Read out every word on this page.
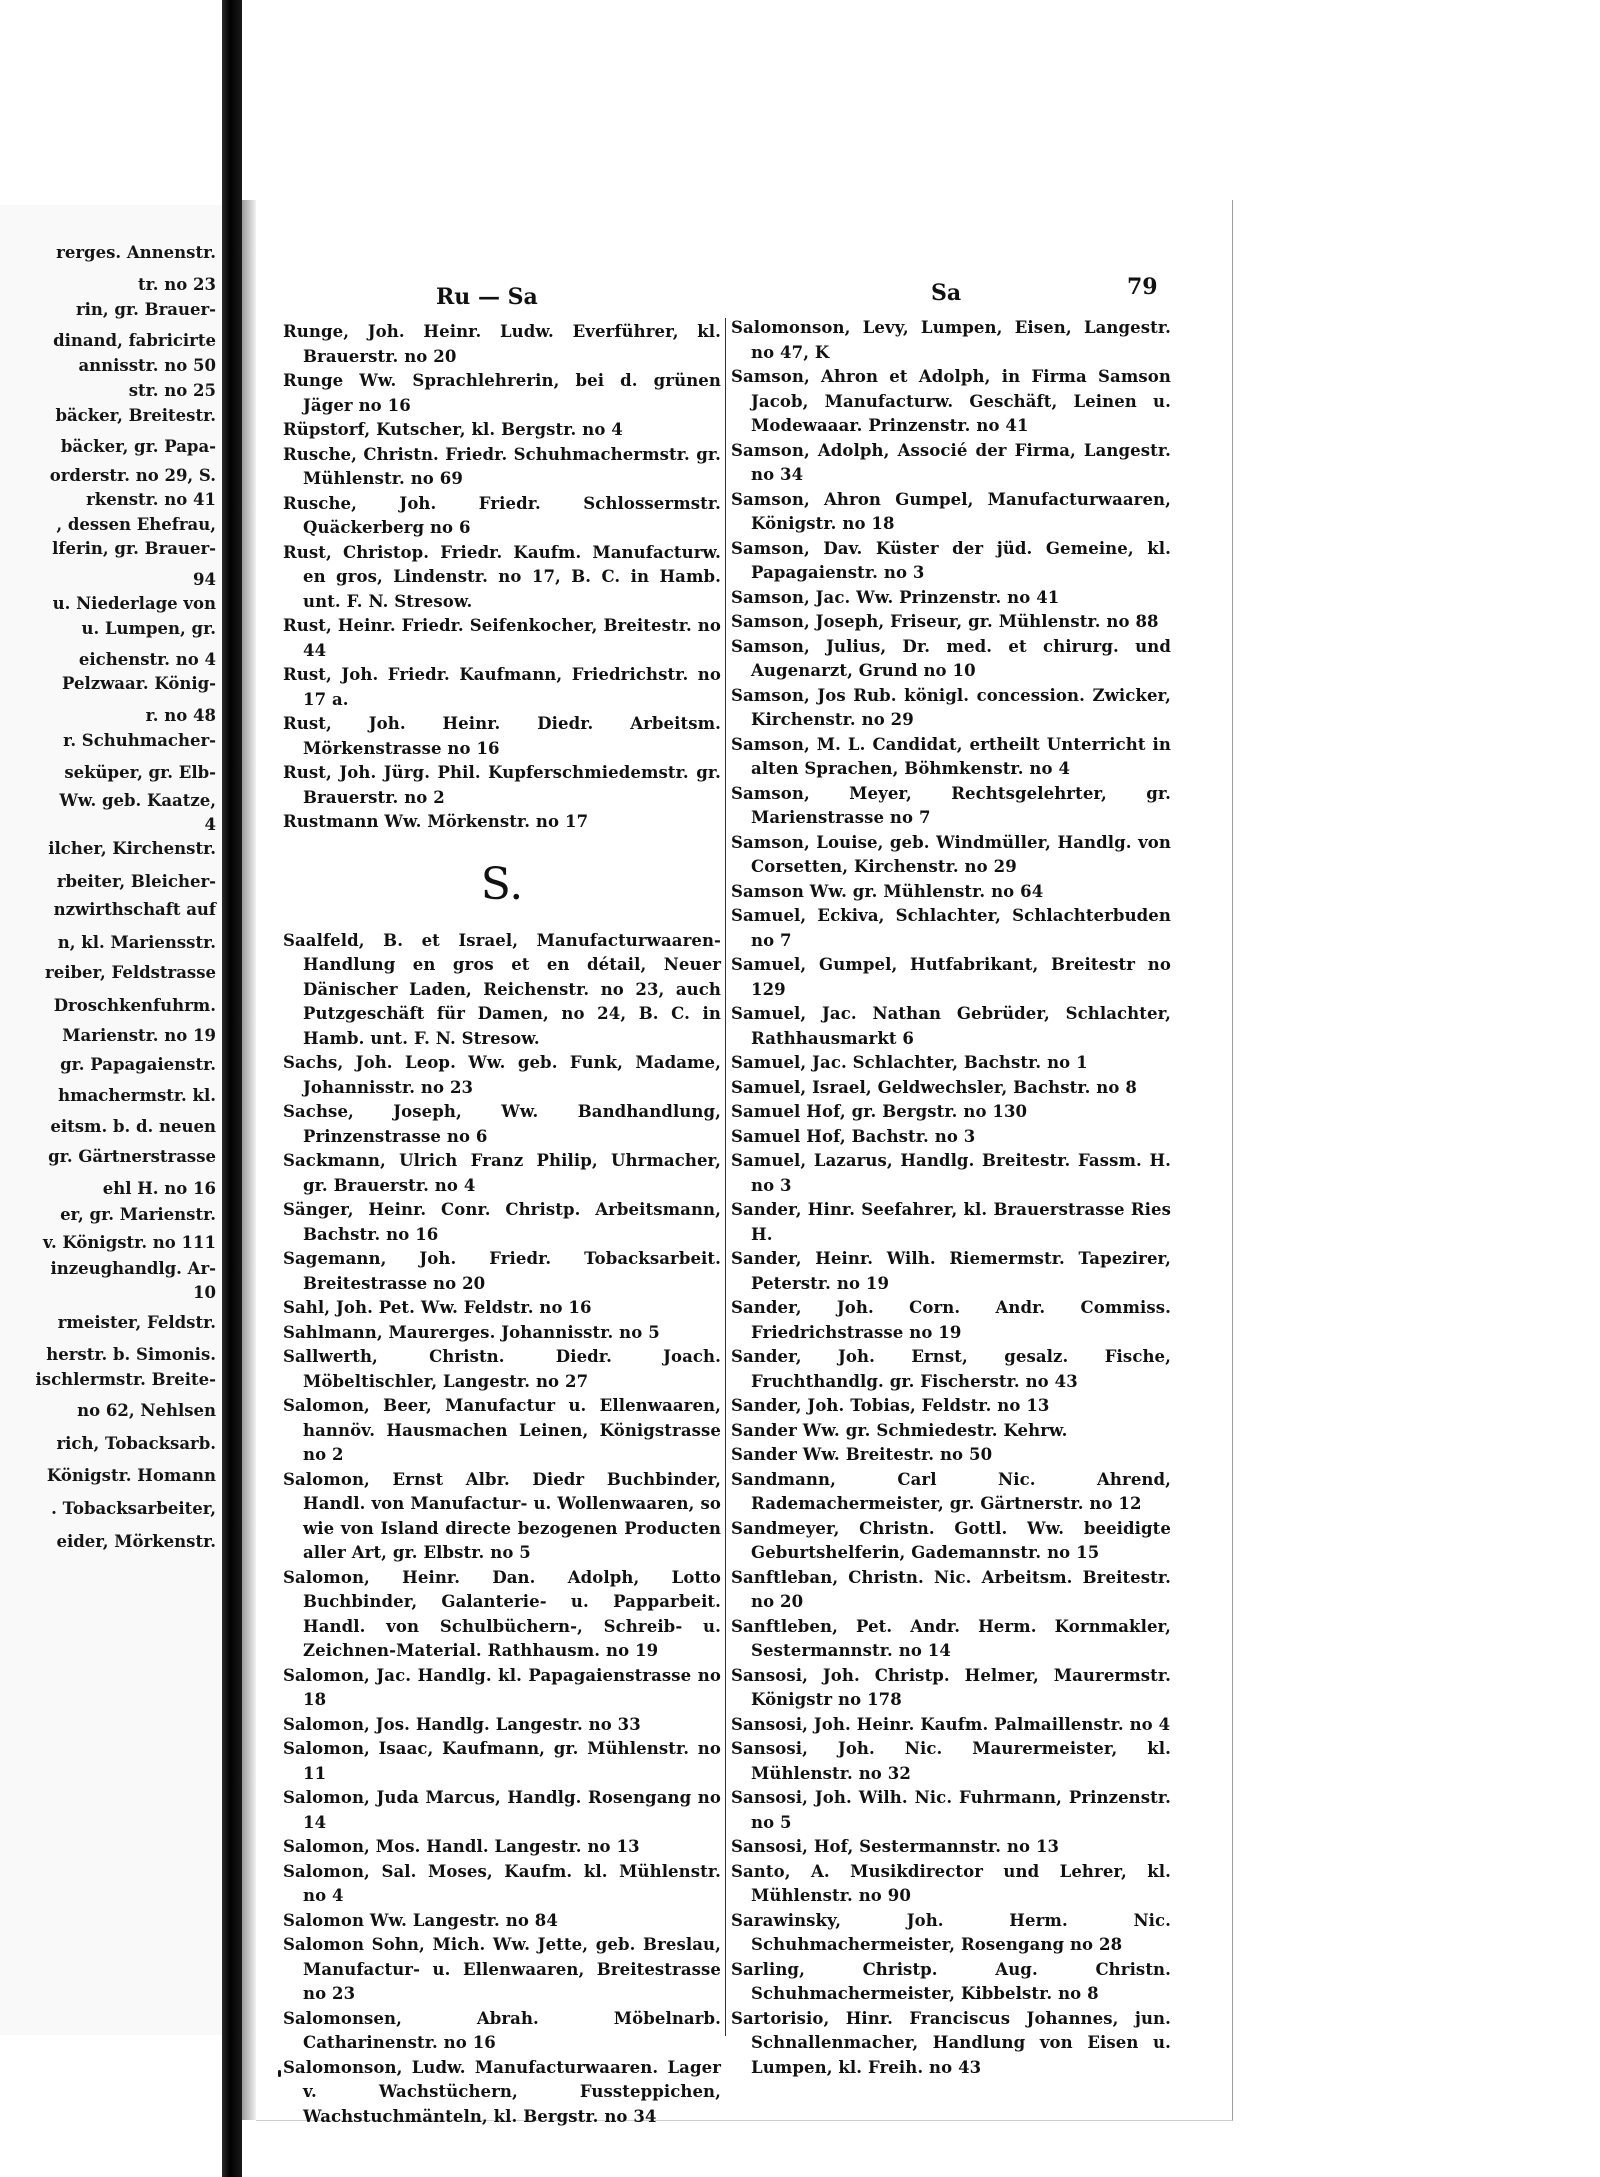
rerges. Annenstr.
tr. no 23
rin, gr. Brauer-
dinand, fabricirte
annisstr. no 50
str. no 25
bäcker, Breitestr.
bäcker, gr. Papa-
orderstr. no 29, S.
rkenstr. no 41
, dessen Ehefrau,
lferin, gr. Brauer-
94
u. Niederlage von
u. Lumpen, gr.
eichenstr. no 4
Pelzwaar. König-
r. no 48
r. Schuhmacher-
seküper, gr. Elb-
Ww. geb. Kaatze,
4
ilcher, Kirchenstr.
rbeiter, Bleicher-
nzwirthschaft auf
n, kl. Mariensstr.
reiber, Feldstrasse
Droschkenfuhrm.
Marienstr. no 19
gr. Papagaienstr.
hmachermstr. kl.
eitsm. b. d. neuen
gr. Gärtnerstrasse
ehl H. no 16
er, gr. Marienstr.
v. Königstr. no 111
inzeughandlg. Ar-
10
rmeister, Feldstr.
herstr. b. Simonis.
ischlermstr. Breite-
no 62, Nehlsen
rich, Tobacksarb.
Königstr. Homann
. Tobacksarbeiter,
eider, Mörkenstr.
Ru — Sa	Sa	79
Runge, Joh. Heinr. Ludw. Everführer, kl. Brauerstr. no 20
Runge Ww. Sprachlehrerin, bei d. grünen Jäger no 16
Rüpstorf, Kutscher, kl. Bergstr. no 4
Rusche, Christn. Friedr. Schuhmachermstr. gr. Mühlenstr. no 69
Rusche, Joh. Friedr. Schlossermstr. Quäckerberg no 6
Rust, Christop. Friedr. Kaufm. Manufacturw. en gros, Lindenstr. no 17, B. C. in Hamb. unt. F. N. Stresow.
Rust, Heinr. Friedr. Seifenkocher, Breitestr. no 44
Rust, Joh. Friedr. Kaufmann, Friedrichstr. no 17 a.
Rust, Joh. Heinr. Diedr. Arbeitsm. Mörkenstrasse no 16
Rust, Joh. Jürg. Phil. Kupferschmiedemstr. gr. Brauerstr. no 2
Rustmann Ww. Mörkenstr. no 17
S.
Saalfeld, B. et Israel, Manufacturwaaren-Handlung en gros et en détail, Neuer Dänischer Laden, Reichenstr. no 23, auch Putzgeschäft für Damen, no 24, B. C. in Hamb. unt. F. N. Stresow.
Sachs, Joh. Leop. Ww. geb. Funk, Madame, Johannisstr. no 23
Sachse, Joseph, Ww. Bandhandlung, Prinzenstrasse no 6
Sackmann, Ulrich Franz Philip, Uhrmacher, gr. Brauerstr. no 4
Sänger, Heinr. Conr. Christp. Arbeitsmann, Bachstr. no 16
Sagemann, Joh. Friedr. Tobacksarbeit. Breitestrasse no 20
Sahl, Joh. Pet. Ww. Feldstr. no 16
Sahlmann, Maurerges. Johannisstr. no 5
Sallwerth, Christn. Diedr. Joach. Möbeltischler, Langestr. no 27
Salomon, Beer, Manufactur u. Ellenwaaren, hannöv. Hausmachen Leinen, Königstrasse no 2
Salomon, Ernst Albr. Diedr Buchbinder, Handl. von Manufactur- u. Wollenwaaren, so wie von Island directe bezogenen Producten aller Art, gr. Elbstr. no 5
Salomon, Heinr. Dan. Adolph, Lotto Buchbinder, Galanterie- u. Papparbeit. Handl. von Schulbüchern-, Schreib- u. Zeichnen-Material. Rathhausm. no 19
Salomon, Jac. Handlg. kl. Papagaienstrasse no 18
Salomon, Jos. Handlg. Langestr. no 33
Salomon, Isaac, Kaufmann, gr. Mühlenstr. no 11
Salomon, Juda Marcus, Handlg. Rosengang no 14
Salomon, Mos. Handl. Langestr. no 13
Salomon, Sal. Moses, Kaufm. kl. Mühlenstr. no 4
Salomon Ww. Langestr. no 84
Salomon Sohn, Mich. Ww. Jette, geb. Breslau, Manufactur- u. Ellenwaaren, Breitestrasse no 23
Salomonsen, Abrah. Möbelnarb. Catharinenstr. no 16
Salomonson, Ludw. Manufacturwaaren. Lager v. Wachstüchern, Fussteppichen, Wachstuchmänteln, kl. Bergstr. no 34
Salomonson, Levy, Lumpen, Eisen, Langestr. no 47, K
Samson, Ahron et Adolph, in Firma Samson Jacob, Manufacturw. Geschäft, Leinen u. Modewaaar. Prinzenstr. no 41
Samson, Adolph, Associé der Firma, Langestr. no 34
Samson, Ahron Gumpel, Manufacturwaaren, Königstr. no 18
Samson, Dav. Küster der jüd. Gemeine, kl. Papagaienstr. no 3
Samson, Jac. Ww. Prinzenstr. no 41
Samson, Joseph, Friseur, gr. Mühlenstr. no 88
Samson, Julius, Dr. med. et chirurg. und Augenarzt, Grund no 10
Samson, Jos Rub. königl. concession. Zwicker, Kirchenstr. no 29
Samson, M. L. Candidat, ertheilt Unterricht in alten Sprachen, Böhmkenstr. no 4
Samson, Meyer, Rechtsgelehrter, gr. Marienstrasse no 7
Samson, Louise, geb. Windmüller, Handlg. von Corsetten, Kirchenstr. no 29
Samson Ww. gr. Mühlenstr. no 64
Samuel, Eckiva, Schlachter, Schlachterbuden no 7
Samuel, Gumpel, Hutfabrikant, Breitestr no 129
Samuel, Jac. Nathan Gebrüder, Schlachter, Rathhausmarkt 6
Samuel, Jac. Schlachter, Bachstr. no 1
Samuel, Israel, Geldwechsler, Bachstr. no 8
Samuel Hof, gr. Bergstr. no 130
Samuel Hof, Bachstr. no 3
Samuel, Lazarus, Handlg. Breitestr. Fassm. H. no 3
Sander, Hinr. Seefahrer, kl. Brauerstrasse Ries H.
Sander, Heinr. Wilh. Riemermstr. Tapezirer, Peterstr. no 19
Sander, Joh. Corn. Andr. Commiss. Friedrichstrasse no 19
Sander, Joh. Ernst, gesalz. Fische, Fruchthandlg. gr. Fischerstr. no 43
Sander, Joh. Tobias, Feldstr. no 13
Sander Ww. gr. Schmiedestr. Kehrw.
Sander Ww. Breitestr. no 50
Sandmann, Carl Nic. Ahrend, Rademachermeister, gr. Gärtnerstr. no 12
Sandmeyer, Christn. Gottl. Ww. beeidigte Geburtshelferin, Gademannstr. no 15
Sanftleban, Christn. Nic. Arbeitsm. Breitestr. no 20
Sanftleben, Pet. Andr. Herm. Kornmakler, Sestermannstr. no 14
Sansosi, Joh. Christp. Helmer, Maurermstr. Königstr no 178
Sansosi, Joh. Heinr. Kaufm. Palmaillenstr. no 4
Sansosi, Joh. Nic. Maurermeister, kl. Mühlenstr. no 32
Sansosi, Joh. Wilh. Nic. Fuhrmann, Prinzenstr. no 5
Sansosi, Hof, Sestermannstr. no 13
Santo, A. Musikdirector und Lehrer, kl. Mühlenstr. no 90
Sarawinsky, Joh. Herm. Nic. Schuhmachermeister, Rosengang no 28
Sarling, Christp. Aug. Christn. Schuhmachermeister, Kibbelstr. no 8
Sartorisio, Hinr. Franciscus Johannes, jun. Schnallenmacher, Handlung von Eisen u. Lumpen, kl. Freih. no 43
